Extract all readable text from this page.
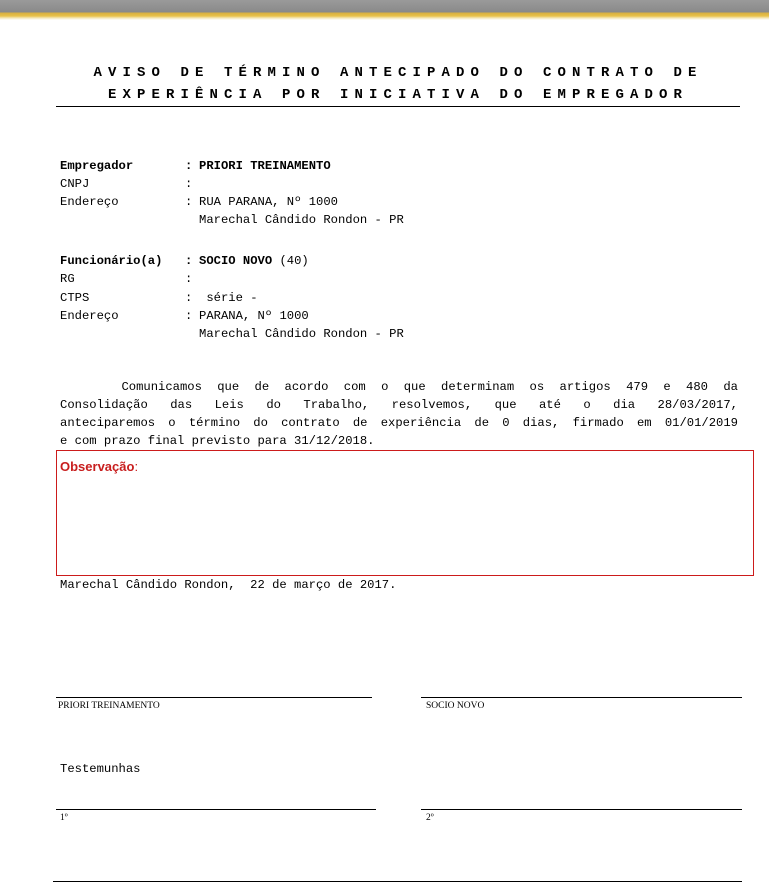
AVISO DE TÉRMINO ANTECIPADO DO CONTRATO DE
EXPERIÊNCIA POR INICIATIVA DO EMPREGADOR
Empregador	: PRIORI TREINAMENTO
CNPJ	:
Endereço	: RUA PARANA, Nº 1000
Marechal Cândido Rondon - PR
Funcionário(a) : SOCIO NOVO (40)
RG	:
CTPS	: série -
Endereço	: PARANA, Nº 1000
Marechal Cândido Rondon - PR
Comunicamos que de acordo com o que determinam os artigos 479 e 480 da
Consolidação das Leis do Trabalho, resolvemos, que até o dia 28/03/2017,
anteciparemos o término do contrato de experiência de 0 dias, firmado em 01/01/2019
e com prazo final previsto para 31/12/2018.
Observação:
Marechal Cândido Rondon,  22 de março de 2017.
PRIORI TREINAMENTO	SOCIO NOVO
Testemunhas
1º	2º
